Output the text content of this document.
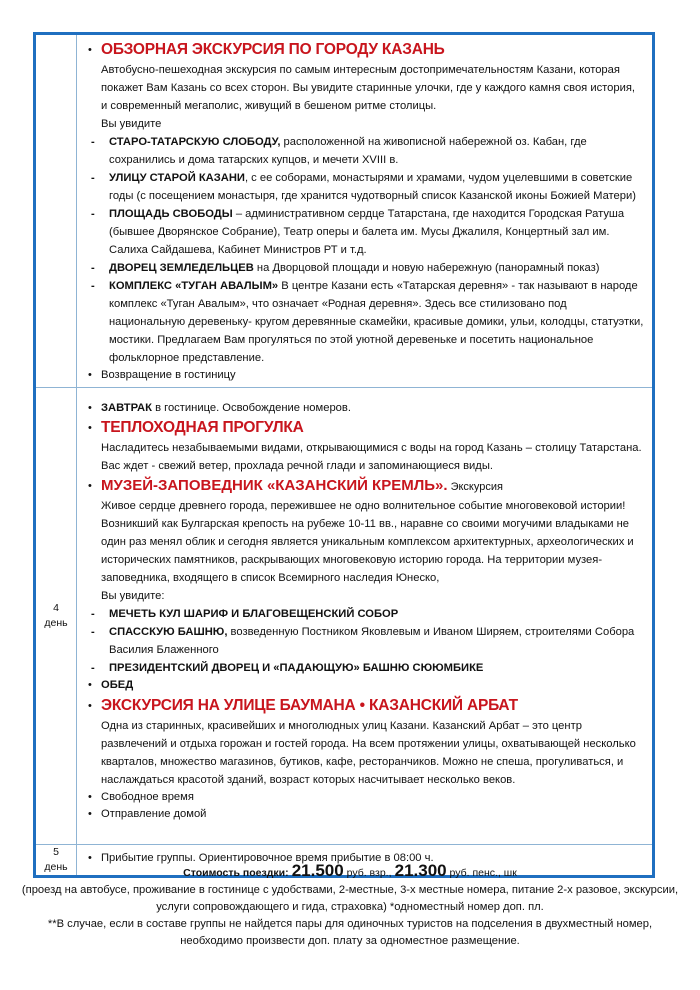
• ОБЗОРНАЯ ЭКСКУРСИЯ ПО ГОРОДУ КАЗАНЬ
Автобусно-пешеходная экскурсия по самым интересным достопримечательностям Казани, которая покажет Вам Казань со всех сторон. Вы увидите старинные улочки, где у каждого камня своя история, и современный мегаполис, живущий в бешеном ритме столицы.
Вы увидите
- СТАРО-ТАТАРСКУЮ СЛОБОДУ, расположенной на живописной набережной оз. Кабан, где сохранились и дома татарских купцов, и мечети XVIII в.
- УЛИЦУ СТАРОЙ КАЗАНИ, с ее соборами, монастырями и храмами, чудом уцелевшими в советские годы (с посещением монастыря, где хранится чудотворный список Казанской иконы Божией Матери)
- ПЛОЩАДЬ СВОБОДЫ – административном сердце Татарстана, где находится Городская Ратуша (бывшее Дворянское Собрание), Театр оперы и балета им. Мусы Джалиля, Концертный зал им. Салиха Сайдашева, Кабинет Министров РТ и т.д.
- ДВОРЕЦ ЗЕМЛЕДЕЛЬЦЕВ на Дворцовой площади и новую набережную (панорамный показ)
- КОМПЛЕКС «ТУГАН АВАЛЫМ» В центре Казани есть «Татарская деревня» - так называют в народе комплекс «Туган Авалым», что означает «Родная деревня». Здесь все стилизовано под национальную деревеньку- кругом деревянные скамейки, красивые домики, ульи, колодцы, статуэтки, мостики. Предлагаем Вам прогуляться по этой уютной деревеньке и посетить национальное фольклорное представление.
• Возвращение в гостиницу
4
день
• ЗАВТРАК в гостинице. Освобождение номеров.
• ТЕПЛОХОДНАЯ ПРОГУЛКА
Насладитесь незабываемыми видами, открывающимися с воды на город Казань – столицу Татарстана. Вас ждет - свежий ветер, прохлада речной глади и запоминающиеся виды.
• МУЗЕЙ-ЗАПОВЕДНИК «КАЗАНСКИЙ КРЕМЛЬ». Экскурсия
Живое сердце древнего города, пережившее не одно волнительное событие многовековой истории! Возникший как Булгарская крепость на рубеже 10-11 вв., наравне со своими могучими владыками не один раз менял облик и сегодня является уникальным комплексом архитектурных, археологических и исторических памятников, раскрывающих многовековую историю города. На территории музея-заповедника, входящего в список Всемирного наследия Юнеско,
Вы увидите:
- МЕЧЕТЬ КУЛ ШАРИФ И БЛАГОВЕЩЕНСКИЙ СОБОР
- СПАССКУЮ БАШНЮ, возведенную Постником Яковлевым и Иваном Ширяем, строителями Собора Василия Блаженного
- ПРЕЗИДЕНТСКИЙ ДВОРЕЦ И «ПАДАЮЩУЮ» БАШНЮ СЮЮМБИКЕ
• ОБЕД
• ЭКСКУРСИЯ НА УЛИЦЕ БАУМАНА • КАЗАНСКИЙ АРБАТ
Одна из старинных, красивейших и многолюдных улиц Казани. Казанский Арбат – это центр развлечений и отдыха горожан и гостей города. На всем протяжении улицы, охватывающей несколько кварталов, множество магазинов, бутиков, кафе, ресторанчиков. Можно не спеша, прогуливаться, и наслаждаться красотой зданий, возраст которых насчитывает несколько веков.
• Свободное время
• Отправление домой
5
день
• Прибытие группы. Ориентировочное время прибытие в 08:00 ч.
Стоимость поездки: 21.500 руб. взр., 21.300 руб. пенс., шк
(проезд на автобусе, проживание в гостинице с удобствами, 2-местные, 3-х местные номера, питание 2-х разовое, экскурсии, услуги сопровождающего и гида, страховка) *одноместный номер доп. пл.
**В случае, если в составе группы не найдется пары для одиночных туристов на подселения в двухместный номер, необходимо произвести доп. плату за одноместное размещение.
